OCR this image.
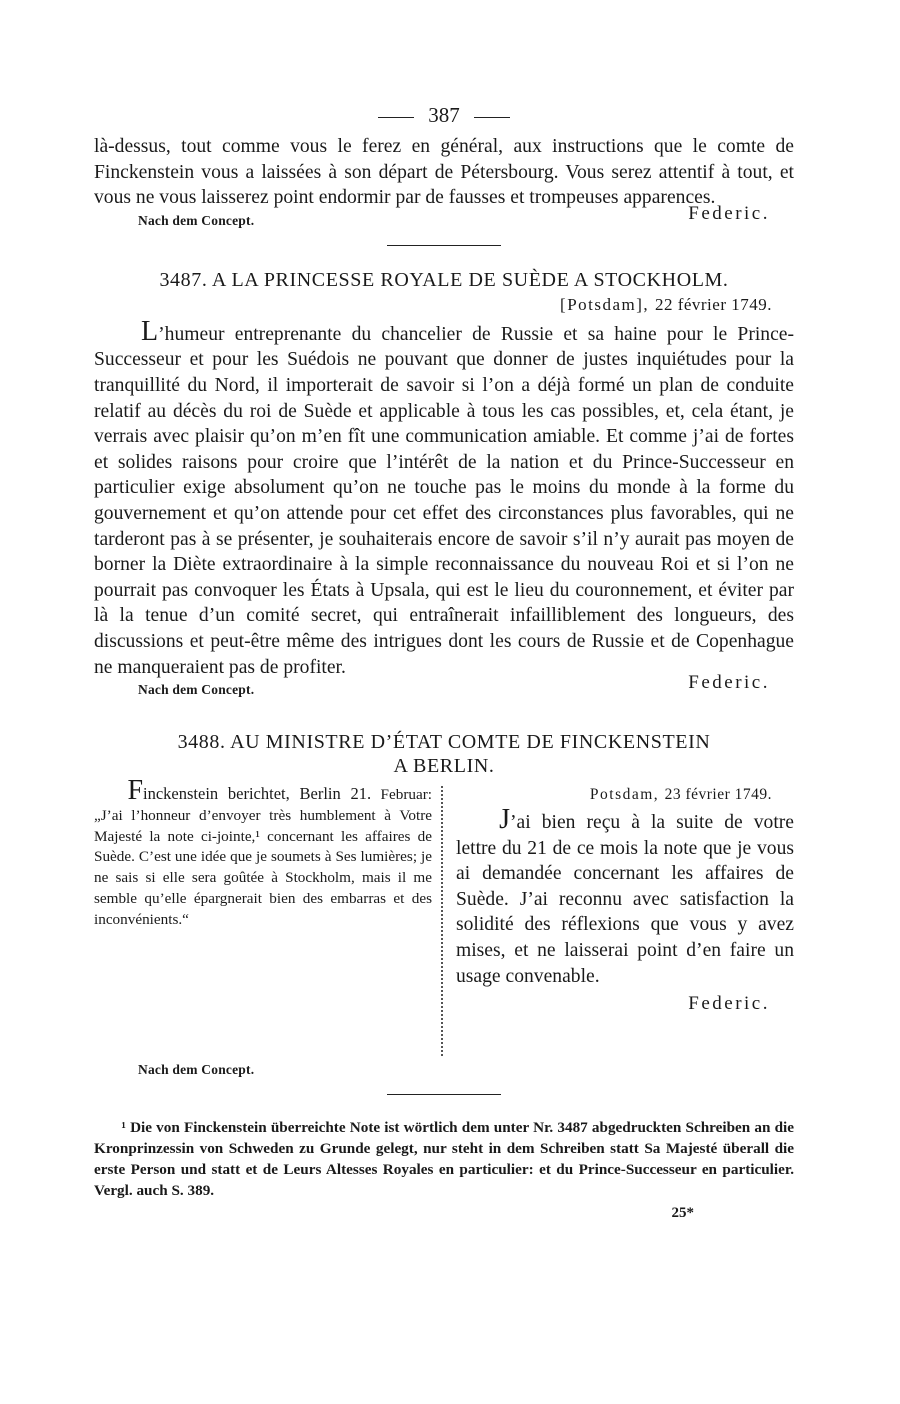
387

là-dessus, tout comme vous le ferez en général, aux instructions que le comte de Finckenstein vous a laissées à son départ de Pétersbourg. Vous serez attentif à tout, et vous ne vous laisserez point endormir par de fausses et trompeuses apparences.

Nach dem Concept.	Federic.

3487. A LA PRINCESSE ROYALE DE SUÈDE A STOCKHOLM.

[Potsdam], 22 février 1749.

L’humeur entreprenante du chancelier de Russie et sa haine pour le Prince-Successeur et pour les Suédois ne pouvant que donner de justes inquiétudes pour la tranquillité du Nord, il importerait de savoir si l’on a déjà formé un plan de conduite relatif au décès du roi de Suède et applicable à tous les cas possibles, et, cela étant, je verrais avec plaisir qu’on m’en fît une communication amiable. Et comme j’ai de fortes et solides raisons pour croire que l’intérêt de la nation et du Prince-Successeur en particulier exige absolument qu’on ne touche pas le moins du monde à la forme du gouvernement et qu’on attende pour cet effet des circonstances plus favorables, qui ne tarderont pas à se présenter, je souhaiterais encore de savoir s’il n’y aurait pas moyen de borner la Diète extraordinaire à la simple reconnaissance du nouveau Roi et si l’on ne pourrait pas convoquer les États à Upsala, qui est le lieu du couronnement, et éviter par là la tenue d’un comité secret, qui entraînerait infailliblement des longueurs, des discussions et peut-être même des intrigues dont les cours de Russie et de Copenhague ne manqueraient pas de profiter.

Nach dem Concept.	Federic.

3488. AU MINISTRE D’ÉTAT COMTE DE FINCKENSTEIN

A BERLIN.

Finckenstein berichtet, Berlin 21. Februar: „J’ai l’honneur d’envoyer très humblement à Votre Majesté la note ci-jointe,¹ concernant les affaires de Suède. C’est une idée que je soumets à Ses lumières; je ne sais si elle sera goûtée à Stockholm, mais il me semble qu’elle épargnerait bien des embarras et des inconvénients.“
Potsdam, 23 février 1749.

J’ai bien reçu à la suite de votre lettre du 21 de ce mois la note que je vous ai demandée concernant les affaires de Suède. J’ai reconnu avec satisfaction la solidité des réflexions que vous y avez mises, et ne laisserai point d’en faire un usage convenable.

Federic.
Nach dem Concept.

¹ Die von Finckenstein überreichte Note ist wörtlich dem unter Nr. 3487 abgedruckten Schreiben an die Kronprinzessin von Schweden zu Grunde gelegt, nur steht in dem Schreiben statt Sa Majesté überall die erste Person und statt et de Leurs Altesses Royales en particulier: et du Prince-Successeur en particulier. Vergl. auch S. 389.

25*
